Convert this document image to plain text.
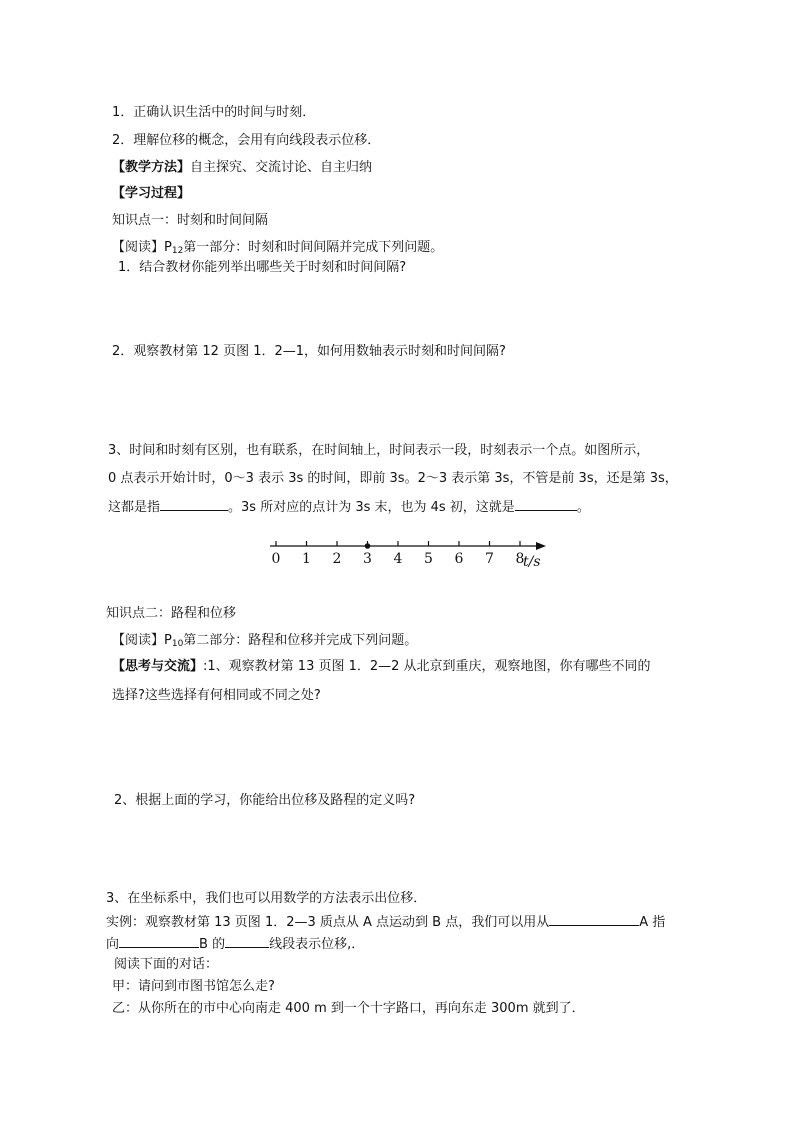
1．正确认识生活中的时间与时刻．
2．理解位移的概念，会用有向线段表示位移．
【教学方法】自主探究、交流讨论、自主归纳
【学习过程】
知识点一：时刻和时间间隔
【阅读】$P_{12}$第一部分：时刻和时间间隔并完成下列问题。
1．结合教材你能列举出哪些关于时刻和时间间隔?
2．观察教材第 12 页图 1．2—1，如何用数轴表示时刻和时间间隔?
3、时间和时刻有区别，也有联系，在时间轴上，时间表示一段，时刻表示一个点。如图所示，
0 点表示开始计时，0～3 表示 3s 的时间，即前 3s。2～3 表示第 3s，不管是前 3s，还是第 3s，
这都是指	。3s 所对应的点计为 3s 末，也为 4s 初，这就是	。
0 1 2 3 4 5 6 7 8
t/s
知识点二：路程和位移
【阅读】$P_{10}$第二部分：路程和位移并完成下列问题。
【思考与交流】:1、观察教材第 13 页图 1．2—2 从北京到重庆，观察地图，你有哪些不同的
选择?这些选择有何相同或不同之处?
2、根据上面的学习，你能给出位移及路程的定义吗?
3、在坐标系中，我们也可以用数学的方法表示出位移．
实例：观察教材第 13 页图 1．2—3 质点从 A 点运动到 B 点，我们可以用从	A 指
向	B 的	线段表示位移,．
阅读下面的对话：
甲：请问到市图书馆怎么走?
乙：从你所在的市中心向南走 400 m 到一个十字路口，再向东走 300m 就到了．
